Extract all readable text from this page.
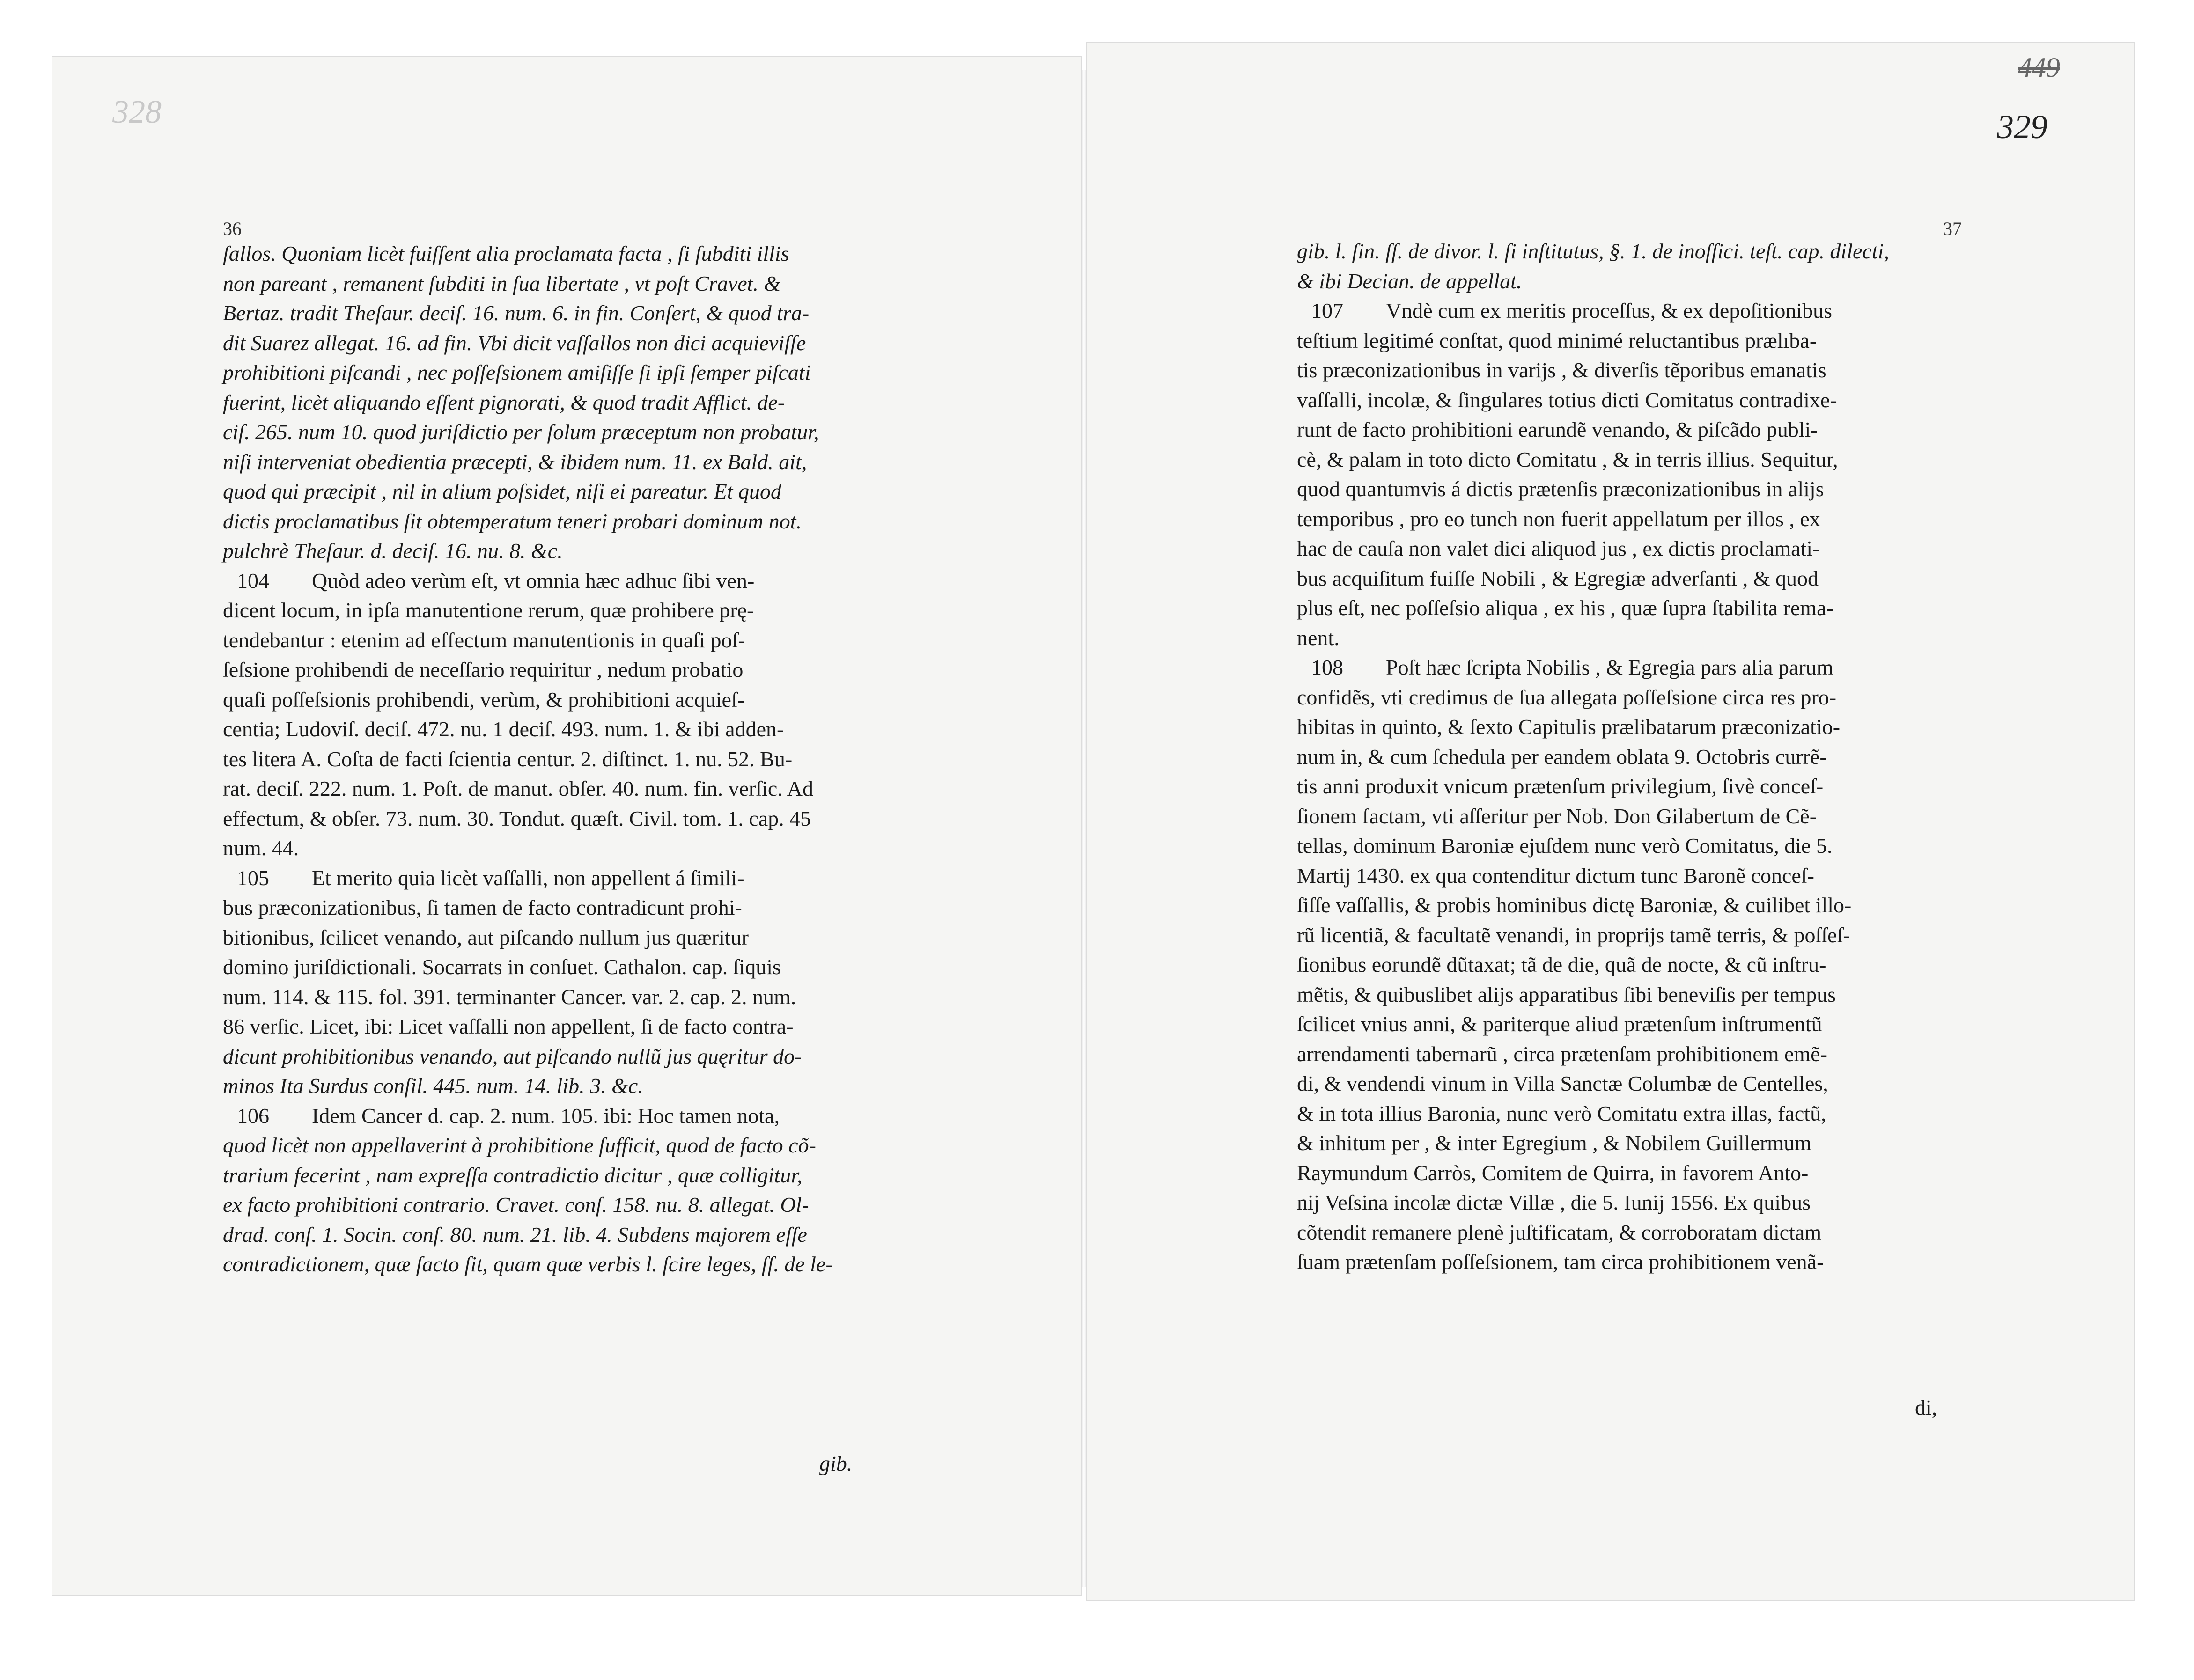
328
36
ſallos. Quoniam licèt fuiſſent alia proclamata facta , ſi ſubditi illis
non pareant , remanent ſubditi in ſua libertate , vt poſt Cravet. &
Bertaz. tradit Theſaur. deciſ. 16. num. 6. in fin. Conſert, & quod tra-
dit Suarez allegat. 16. ad fin. Vbi dicit vaſſallos non dici acquieviſſe
prohibitioni piſcandi , nec poſſeſsionem amiſiſſe ſi ipſi ſemper piſcati
fuerint, licèt aliquando eſſent pignorati, & quod tradit Afflict. de-
ciſ. 265. num 10. quod juriſdictio per ſolum præceptum non probatur,
niſi interveniat obedientia præcepti, & ibidem num. 11. ex Bald. ait,
quod qui præcipit , nil in alium poſsidet, niſi ei pareatur. Et quod
dictis proclamatibus ſit obtemperatum teneri probari dominum not.
pulchrè Theſaur. d. deciſ. 16. nu. 8. &c.
104 Quòd adeo verùm eſt, vt omnia hæc adhuc ſibi ven-
dicent locum, in ipſa manutentione rerum, quæ prohibere prę-
tendebantur : etenim ad effectum manutentionis in quaſi poſ-
ſeſsione prohibendi de neceſſario requiritur , nedum probatio
quaſi poſſeſsionis prohibendi, verùm, & prohibitioni acquieſ-
centia; Ludoviſ. deciſ. 472. nu. 1 deciſ. 493. num. 1. & ibi adden-
tes litera A. Coſta de facti ſcientia centur. 2. diſtinct. 1. nu. 52. Bu-
rat. deciſ. 222. num. 1. Poſt. de manut. obſer. 40. num. fin. verſic. Ad
effectum, & obſer. 73. num. 30. Tondut. quæſt. Civil. tom. 1. cap. 45
num. 44.
105 Et merito quia licèt vaſſalli, non appellent á ſimili-
bus præconizationibus, ſi tamen de facto contradicunt prohi-
bitionibus, ſcilicet venando, aut piſcando nullum jus quæritur
domino juriſdictionali. Socarrats in conſuet. Cathalon. cap. ſiquis
num. 114. & 115. fol. 391. terminanter Cancer. var. 2. cap. 2. num.
86 verſic. Licet, ibi: Licet vaſſalli non appellent, ſi de facto contra-
dicunt prohibitionibus venando, aut piſcando nullũ jus quęritur do-
minos Ita Surdus conſil. 445. num. 14. lib. 3. &c.
106 Idem Cancer d. cap. 2. num. 105. ibi: Hoc tamen nota,
quod licèt non appellaverint à prohibitione ſufficit, quod de facto cõ-
trarium fecerint , nam expreſſa contradictio dicitur , quæ colligitur,
ex facto prohibitioni contrario. Cravet. conſ. 158. nu. 8. allegat. Ol-
drad. conſ. 1. Socin. conſ. 80. num. 21. lib. 4. Subdens majorem eſſe
contradictionem, quæ facto fit, quam quæ verbis l. ſcire leges, ff. de le-
gib.
449
329
37
gib. l. fin. ff. de divor. l. ſi inſtitutus, §. 1. de inoffici. teſt. cap. dilecti,
& ibi Decian. de appellat.
107 Vndè cum ex meritis proceſſus, & ex depoſitionibus
teſtium legitimé conſtat, quod minimé reluctantibus prælıba-
tis præconizationibus in varijs , & diverſis tẽporibus emanatis
vaſſalli, incolæ, & ſingulares totius dicti Comitatus contradixe-
runt de facto prohibitioni earundẽ venando, & piſcãdo publi-
cè, & palam in toto dicto Comitatu , & in terris illius. Sequitur,
quod quantumvis á dictis prætenſis præconizationibus in alijs
temporibus , pro eo tunch non fuerit appellatum per illos , ex
hac de cauſa non valet dici aliquod jus , ex dictis proclamati-
bus acquiſitum fuiſſe Nobili , & Egregiæ adverſanti , & quod
plus eſt, nec poſſeſsio aliqua , ex his , quæ ſupra ſtabilita rema-
nent.
108 Poſt hæc ſcripta Nobilis , & Egregia pars alia parum
confidẽs, vti credimus de ſua allegata poſſeſsione circa res pro-
hibitas in quinto, & ſexto Capitulis prælibatarum præconizatio-
num in, & cum ſchedula per eandem oblata 9. Octobris currẽ-
tis anni produxit vnicum prætenſum privilegium, ſivè conceſ-
ſionem factam, vti aſſeritur per Nob. Don Gilabertum de Cẽ-
tellas, dominum Baroniæ ejuſdem nunc verò Comitatus, die 5.
Martij 1430. ex qua contenditur dictum tunc Baronẽ conceſ-
ſiſſe vaſſallis, & probis hominibus dictę Baroniæ, & cuilibet illo-
rũ licentiã, & facultatẽ venandi, in proprijs tamẽ terris, & poſſeſ-
ſionibus eorundẽ dũtaxat; tã de die, quã de nocte, & cũ inſtru-
mẽtis, & quibuslibet alijs apparatibus ſibi beneviſis per tempus
ſcilicet vnius anni, & pariterque aliud prætenſum inſtrumentũ
arrendamenti tabernarũ , circa prætenſam prohibitionem emẽ-
di, & vendendi vinum in Villa Sanctæ Columbæ de Centelles,
& in tota illius Baronia, nunc verò Comitatu extra illas, factũ,
& inhitum per , & inter Egregium , & Nobilem Guillermum
Raymundum Carròs, Comitem de Quirra, in favorem Anto-
nij Veſsina incolæ dictæ Villæ , die 5. Iunij 1556. Ex quibus
cõtendit remanere plenè juſtificatam, & corroboratam dictam
ſuam prætenſam poſſeſsionem, tam circa prohibitionem venã-
di,
